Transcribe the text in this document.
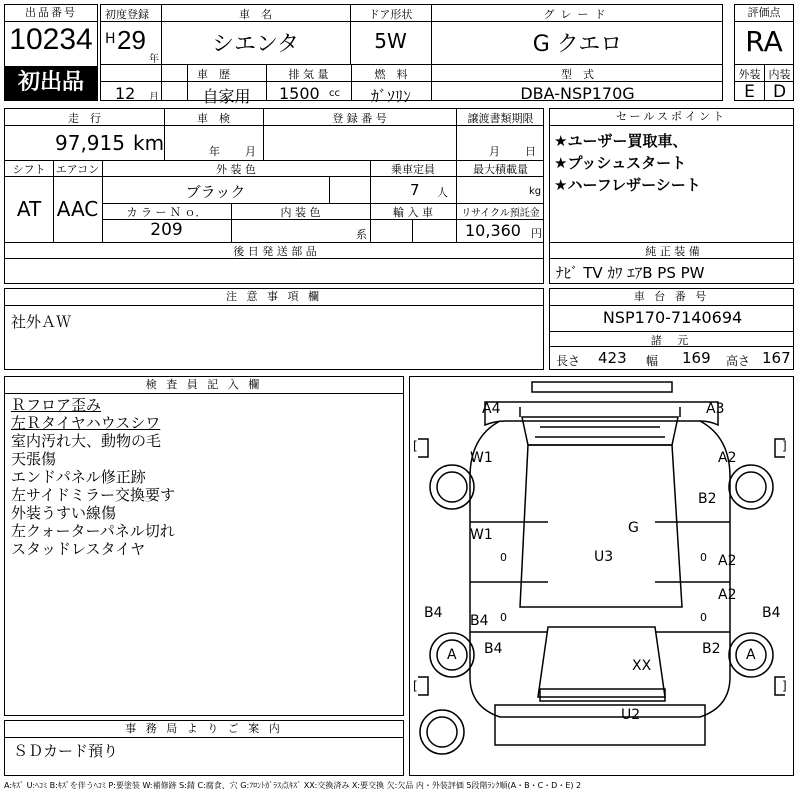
出品番号
10234
初出品
初度登録
H 29
年
12 月
車　名
シエンタ
ドア形状
5W
グレード
G クエロ
車　歴
自家用
排 気 量
1500 cc
燃　料
ｶﾞｿﾘﾝ
型　式
DBA-NSP170G
評価点
RA
外装 内装
E	D
走　行
97,915 km
車　検
年 月
登 録 番 号	譲渡書類期限
月 日
シフト
AT
エアコン
AAC
外 装 色
ブラック
乗車定員
7 人
最大積載量
kg
カ ラ ー Ｎ ｏ．
209
内 装 色
系
輸 入 車	リサイクル預託金
10,360 円
後 日 発 送 部 品
セールスポイント
★ユーザー買取車、
★プッシュスタート
★ハーフレザーシート
純 正 装 備
ﾅﾋﾞ TV ｶﾜ ｴｱB PS PW
注 意 事 項 欄
社外ＡＷ
車 台 番 号
NSP170-7140694
諸 元
長さ 423 幅 169 高さ 167
検 査 員 記 入 欄
Ｒフロア歪み
左Ｒタイヤハウスシワ
室内汚れ大、動物の毛
天張傷
エンドパネル修正跡
左サイドミラー交換要す
外装うすい線傷
左クォーターパネル切れ
スタッドレスタイヤ
事 務 局 よ り ご 案 内
ＳＤカード預り
A4	A3
W1	A2
B2
G
W1
U3	A2
A2
B4 B4	B4
B4
A	A
B2
XX
U2
0	0
0	0
[	]
[	]
A:ｷｽﾞ U:ﾍｺﾐ B:ｷｽﾞを伴うﾍｺﾐ P:要塗装 W:補修跡 S:錆 C:腐食、穴 G:ﾌﾛﾝﾄｶﾞﾗｽ点ｷｽﾞ XX:交換済み X:要交換 欠:欠品 内・外装評価 5段階ﾗﾝｸ順(A・B・C・D・E) 2
